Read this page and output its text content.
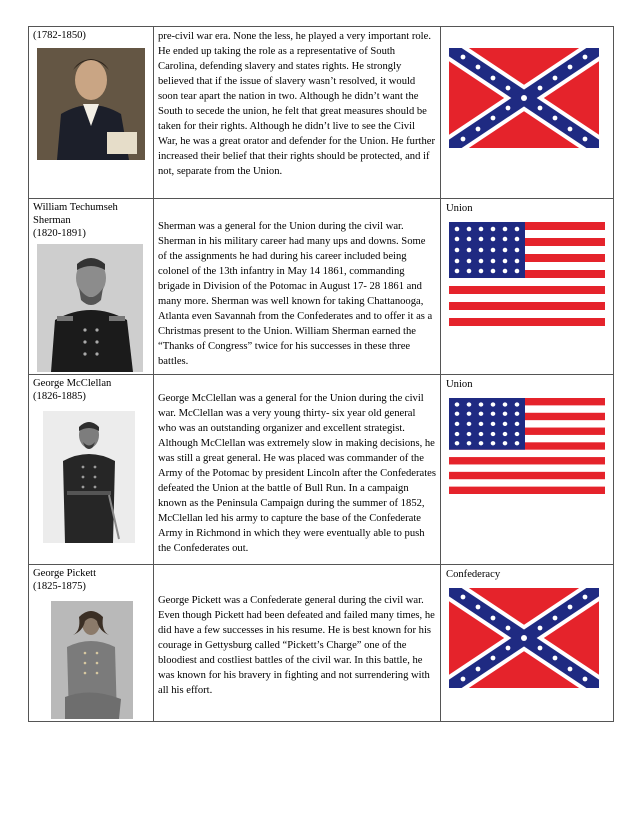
(1782-1850)	pre-civil war era. None the less, he played a very important role. He ended up taking the role as a representative of South Carolina, defending slavery and states rights. He strongly believed that if the issue of slavery wasn’t resolved, it would soon tear apart the nation in two. Although he didn’t want the South to secede the union, he felt that great measures should be taken for their rights. Although he didn’t live to see the Civil War, he was a great orator and defender for the Union. He further increased their belief that their rights should be protected, and if not, separate from the Union.

William Techumseh Sherman
(1820-1891)	Sherman was a general for the Union during the civil war. Sherman in his military career had many ups and downs. Some of the assignments he had during his career included being colonel of the 13th infantry in May 14 1861, commanding brigade in Division of the Potomac in August 17- 28 1861 and many more. Sherman was well known for taking Chattanooga, Atlanta even Savannah from the Confederates and to offer it as a Christmas present to the Union. William Sherman earned the “Thanks of Congress” twice for his successes in these three battles.	Union

George McClellan
(1826-1885)	George McClellan was a general for the Union during the civil war. McClellan was a very young thirty- six year old general who was an outstanding organizer and excellent strategist. Although McClellan was extremely slow in making decisions, he was still a great general. He was placed was commander of the Army of the Potomac by president Lincoln after the Confederates defeated the Union at the battle of Bull Run. In a campaign known as the Peninsula Campaign during the summer of 1852, McClellan led his army to capture the base of the Confederate Army in Richmond in which they were eventually able to push the Confederates out.	Union

George Pickett
(1825-1875)	George Pickett was a Confederate general during the civil war. Even though Pickett had been defeated and failed many times, he did have a few successes in his resume. He is best known for his courage in Gettysburg called “Pickett’s Charge” one of the bloodiest and costliest battles of the civil war. In this battle, he was known for his bravery in fighting and not surrendering with all his effort.	Confederacy
